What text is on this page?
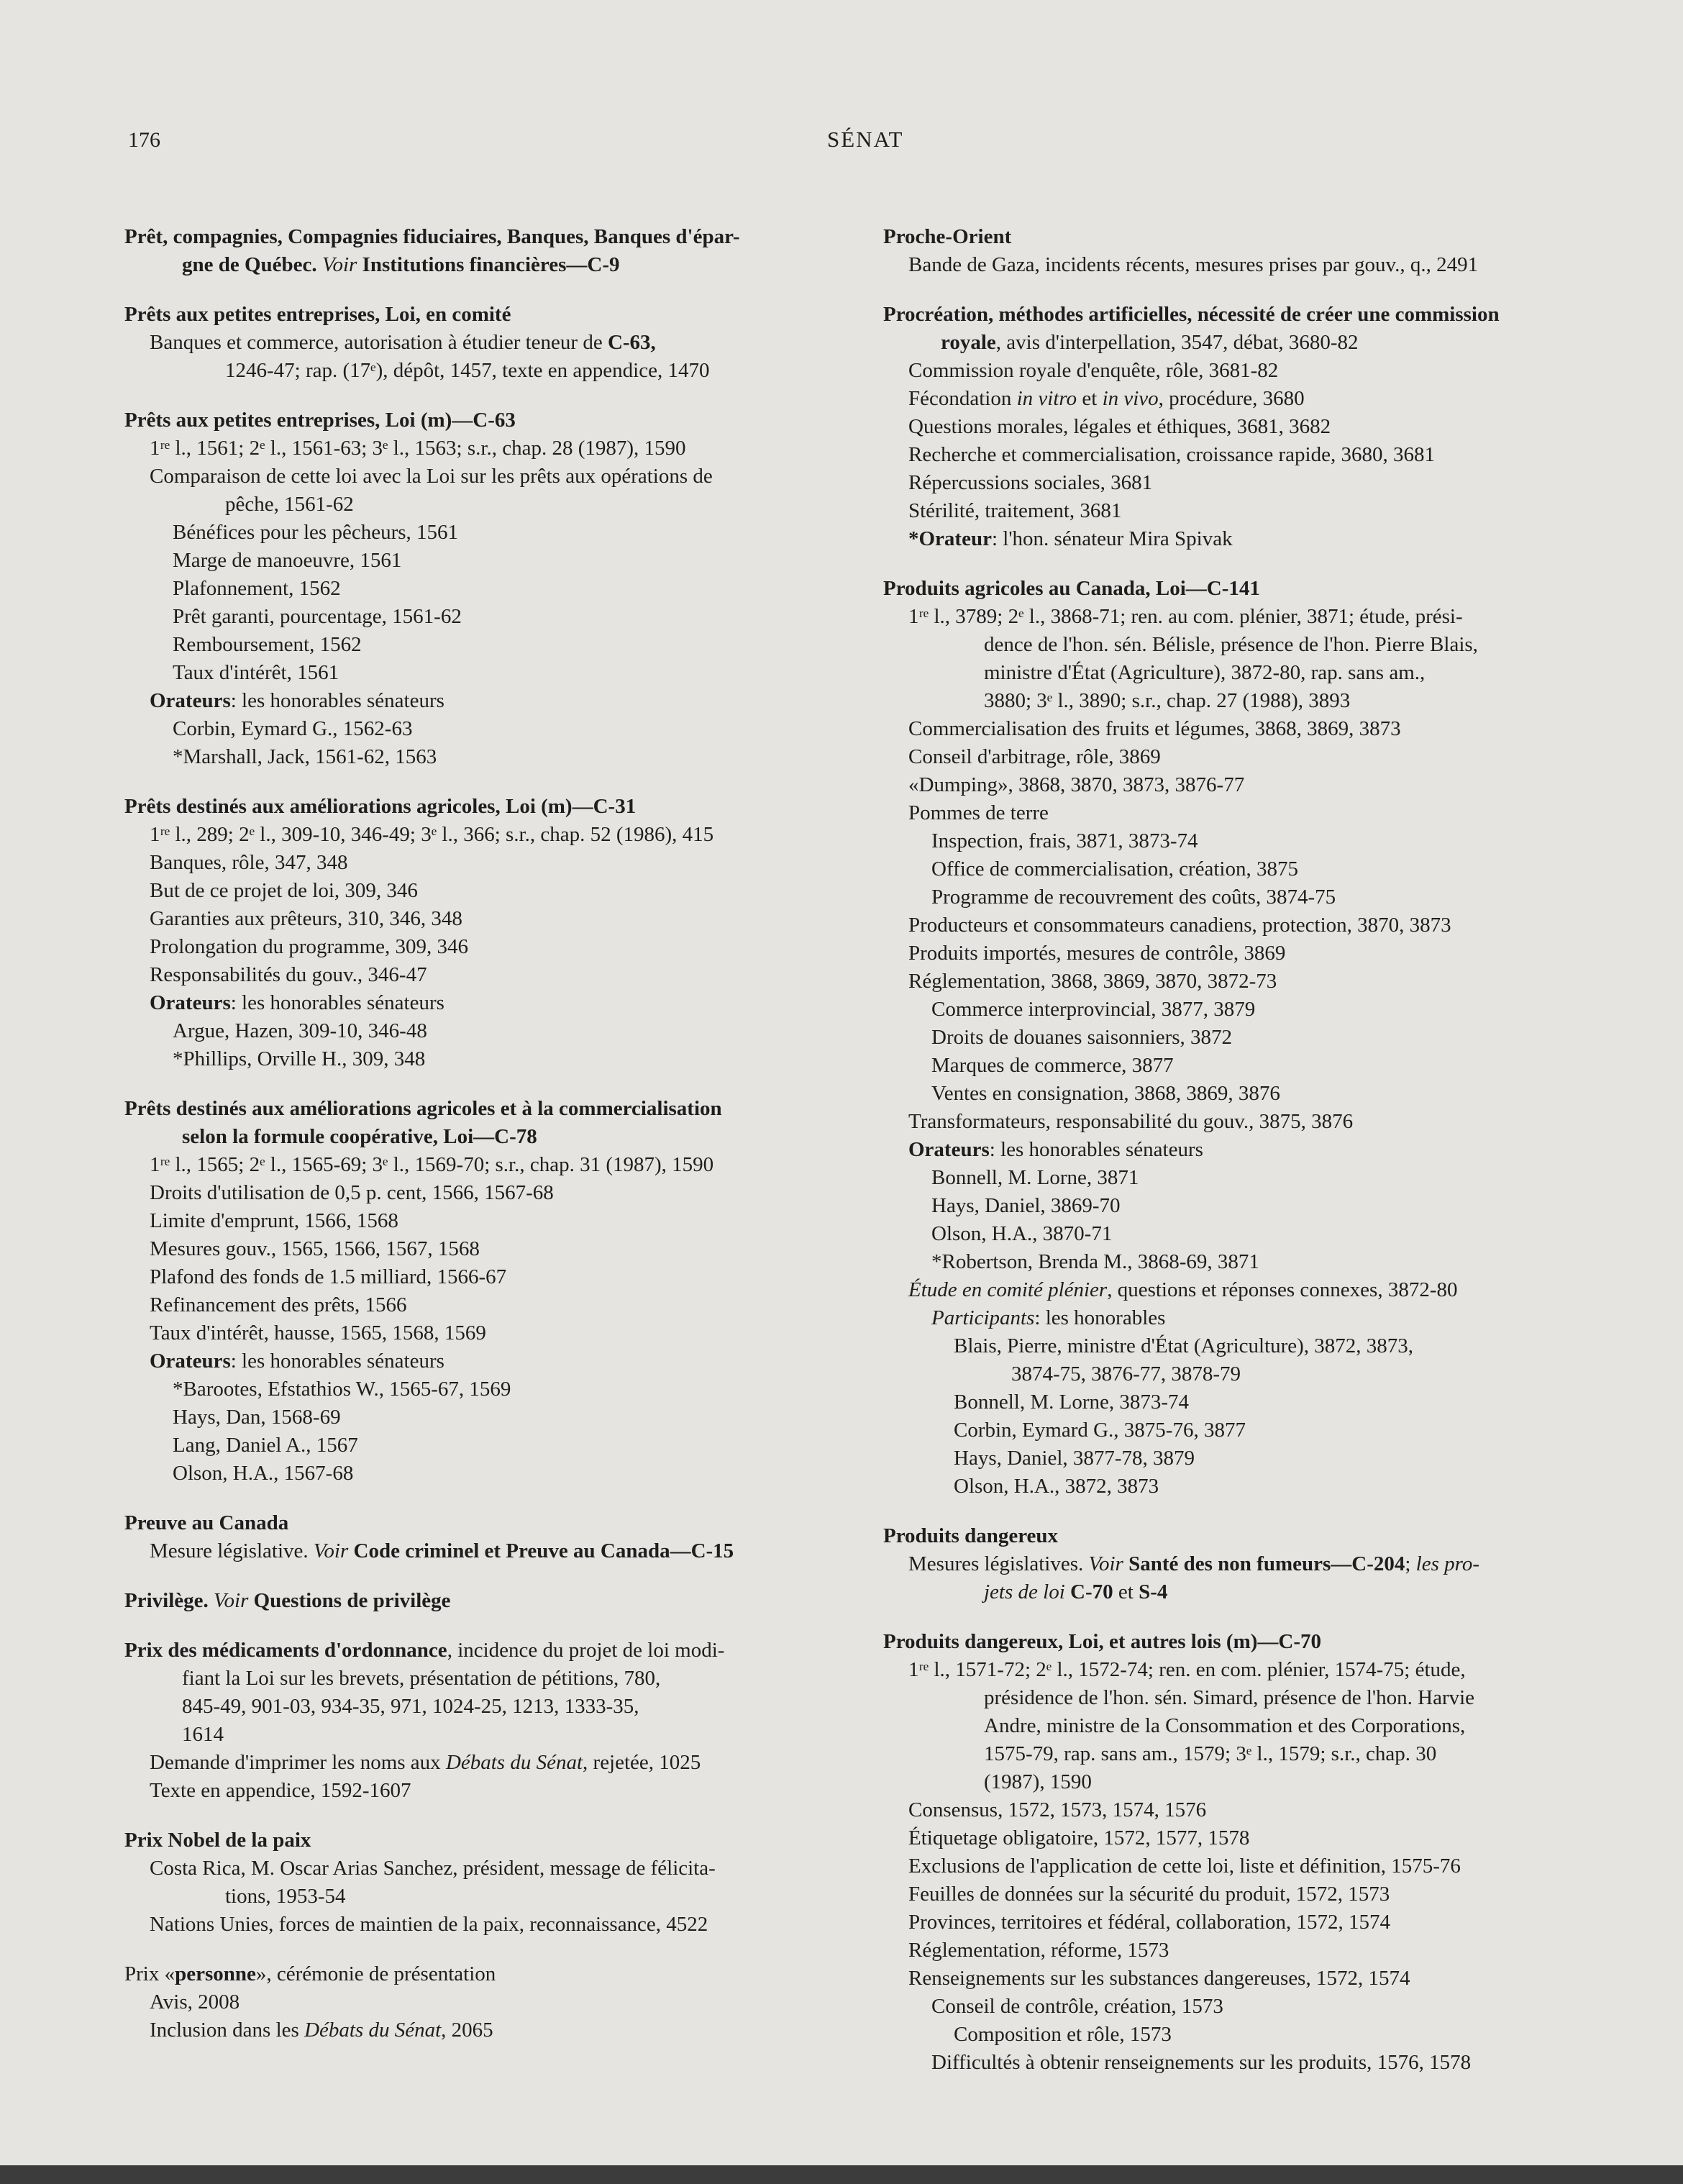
176	SÉNAT
Prêt, compagnies, Compagnies fiduciaires, Banques, Banques d'épar-
gne de Québec. Voir Institutions financières—C-9
Prêts aux petites entreprises, Loi, en comité
Banques et commerce, autorisation à étudier teneur de C-63,
1246-47; rap. (17ᵉ), dépôt, 1457, texte en appendice, 1470
Prêts aux petites entreprises, Loi (m)—C-63
1ʳᵉ l., 1561; 2ᵉ l., 1561-63; 3ᵉ l., 1563; s.r., chap. 28 (1987), 1590
Comparaison de cette loi avec la Loi sur les prêts aux opérations de
pêche, 1561-62
Bénéfices pour les pêcheurs, 1561
Marge de manoeuvre, 1561
Plafonnement, 1562
Prêt garanti, pourcentage, 1561-62
Remboursement, 1562
Taux d'intérêt, 1561
Orateurs: les honorables sénateurs
Corbin, Eymard G., 1562-63
*Marshall, Jack, 1561-62, 1563
Prêts destinés aux améliorations agricoles, Loi (m)—C-31
1ʳᵉ l., 289; 2ᵉ l., 309-10, 346-49; 3ᵉ l., 366; s.r., chap. 52 (1986), 415
Banques, rôle, 347, 348
But de ce projet de loi, 309, 346
Garanties aux prêteurs, 310, 346, 348
Prolongation du programme, 309, 346
Responsabilités du gouv., 346-47
Orateurs: les honorables sénateurs
Argue, Hazen, 309-10, 346-48
*Phillips, Orville H., 309, 348
Prêts destinés aux améliorations agricoles et à la commercialisation
selon la formule coopérative, Loi—C-78
1ʳᵉ l., 1565; 2ᵉ l., 1565-69; 3ᵉ l., 1569-70; s.r., chap. 31 (1987), 1590
Droits d'utilisation de 0,5 p. cent, 1566, 1567-68
Limite d'emprunt, 1566, 1568
Mesures gouv., 1565, 1566, 1567, 1568
Plafond des fonds de 1.5 milliard, 1566-67
Refinancement des prêts, 1566
Taux d'intérêt, hausse, 1565, 1568, 1569
Orateurs: les honorables sénateurs
*Barootes, Efstathios W., 1565-67, 1569
Hays, Dan, 1568-69
Lang, Daniel A., 1567
Olson, H.A., 1567-68
Preuve au Canada
Mesure législative. Voir Code criminel et Preuve au Canada—C-15
Privilège. Voir Questions de privilège
Prix des médicaments d'ordonnance, incidence du projet de loi modi-
fiant la Loi sur les brevets, présentation de pétitions, 780,
845-49, 901-03, 934-35, 971, 1024-25, 1213, 1333-35,
1614
Demande d'imprimer les noms aux Débats du Sénat, rejetée, 1025
Texte en appendice, 1592-1607
Prix Nobel de la paix
Costa Rica, M. Oscar Arias Sanchez, président, message de félicita-
tions, 1953-54
Nations Unies, forces de maintien de la paix, reconnaissance, 4522
Prix «personne», cérémonie de présentation
Avis, 2008
Inclusion dans les Débats du Sénat, 2065
Proche-Orient
Bande de Gaza, incidents récents, mesures prises par gouv., q., 2491
Procréation, méthodes artificielles, nécessité de créer une commission
royale, avis d'interpellation, 3547, débat, 3680-82
Commission royale d'enquête, rôle, 3681-82
Fécondation in vitro et in vivo, procédure, 3680
Questions morales, légales et éthiques, 3681, 3682
Recherche et commercialisation, croissance rapide, 3680, 3681
Répercussions sociales, 3681
Stérilité, traitement, 3681
*Orateur: l'hon. sénateur Mira Spivak
Produits agricoles au Canada, Loi—C-141
1ʳᵉ l., 3789; 2ᵉ l., 3868-71; ren. au com. plénier, 3871; étude, prési-
dence de l'hon. sén. Bélisle, présence de l'hon. Pierre Blais,
ministre d'État (Agriculture), 3872-80, rap. sans am.,
3880; 3ᵉ l., 3890; s.r., chap. 27 (1988), 3893
Commercialisation des fruits et légumes, 3868, 3869, 3873
Conseil d'arbitrage, rôle, 3869
«Dumping», 3868, 3870, 3873, 3876-77
Pommes de terre
Inspection, frais, 3871, 3873-74
Office de commercialisation, création, 3875
Programme de recouvrement des coûts, 3874-75
Producteurs et consommateurs canadiens, protection, 3870, 3873
Produits importés, mesures de contrôle, 3869
Réglementation, 3868, 3869, 3870, 3872-73
Commerce interprovincial, 3877, 3879
Droits de douanes saisonniers, 3872
Marques de commerce, 3877
Ventes en consignation, 3868, 3869, 3876
Transformateurs, responsabilité du gouv., 3875, 3876
Orateurs: les honorables sénateurs
Bonnell, M. Lorne, 3871
Hays, Daniel, 3869-70
Olson, H.A., 3870-71
*Robertson, Brenda M., 3868-69, 3871
Étude en comité plénier, questions et réponses connexes, 3872-80
Participants: les honorables
Blais, Pierre, ministre d'État (Agriculture), 3872, 3873,
3874-75, 3876-77, 3878-79
Bonnell, M. Lorne, 3873-74
Corbin, Eymard G., 3875-76, 3877
Hays, Daniel, 3877-78, 3879
Olson, H.A., 3872, 3873
Produits dangereux
Mesures législatives. Voir Santé des non fumeurs—C-204; les pro-
jets de loi C-70 et S-4
Produits dangereux, Loi, et autres lois (m)—C-70
1ʳᵉ l., 1571-72; 2ᵉ l., 1572-74; ren. en com. plénier, 1574-75; étude,
présidence de l'hon. sén. Simard, présence de l'hon. Harvie
Andre, ministre de la Consommation et des Corporations,
1575-79, rap. sans am., 1579; 3ᵉ l., 1579; s.r., chap. 30
(1987), 1590
Consensus, 1572, 1573, 1574, 1576
Étiquetage obligatoire, 1572, 1577, 1578
Exclusions de l'application de cette loi, liste et définition, 1575-76
Feuilles de données sur la sécurité du produit, 1572, 1573
Provinces, territoires et fédéral, collaboration, 1572, 1574
Réglementation, réforme, 1573
Renseignements sur les substances dangereuses, 1572, 1574
Conseil de contrôle, création, 1573
Composition et rôle, 1573
Difficultés à obtenir renseignements sur les produits, 1576, 1578
